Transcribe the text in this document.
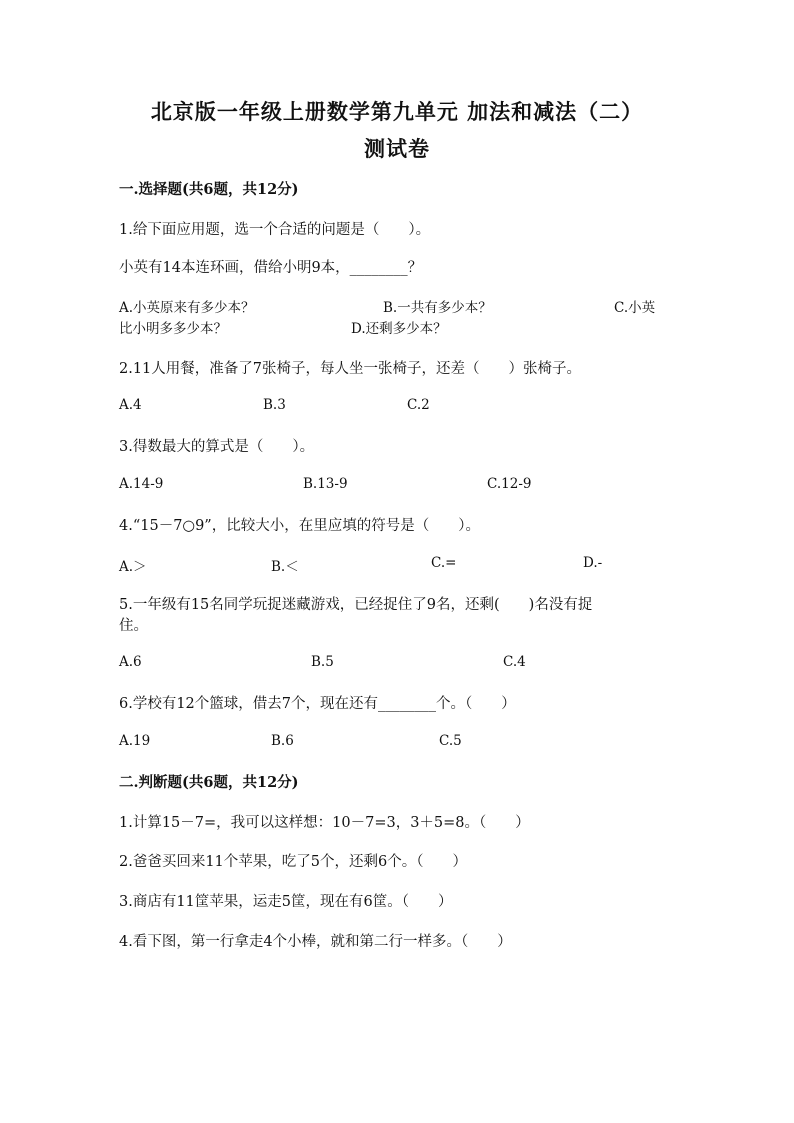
北京版一年级上册数学第九单元 加法和减法（二）
测试卷
一.选择题(共6题，共12分)
1.给下面应用题，选一个合适的问题是（　　）。
小英有14本连环画，借给小明9本，________？
A.小英原来有多少本？	B.一共有多少本？	C.小英
比小明多多少本？	D.还剩多少本？
2.11人用餐，准备了7张椅子，每人坐一张椅子，还差（　　）张椅子。
A.4	B.3	C.2
3.得数最大的算式是（　　）。
A.14-9	B.13-9	C.12-9
4.“15－7○9”，比较大小，在里应填的符号是（　　）。
A.＞	B.＜	C.=	D.-
5.一年级有15名同学玩捉迷藏游戏，已经捉住了9名，还剩(　　)名没有捉
住。
A.6	B.5	C.4
6.学校有12个篮球，借去7个，现在还有________个。（　　）
A.19	B.6	C.5
二.判断题(共6题，共12分)
1.计算15－7=，我可以这样想：10－7=3，3＋5=8。（　　）
2.爸爸买回来11个苹果，吃了5个，还剩6个。（　　）
3.商店有11筐苹果，运走5筐，现在有6筐。（　　）
4.看下图，第一行拿走4个小棒，就和第二行一样多。（　　）
